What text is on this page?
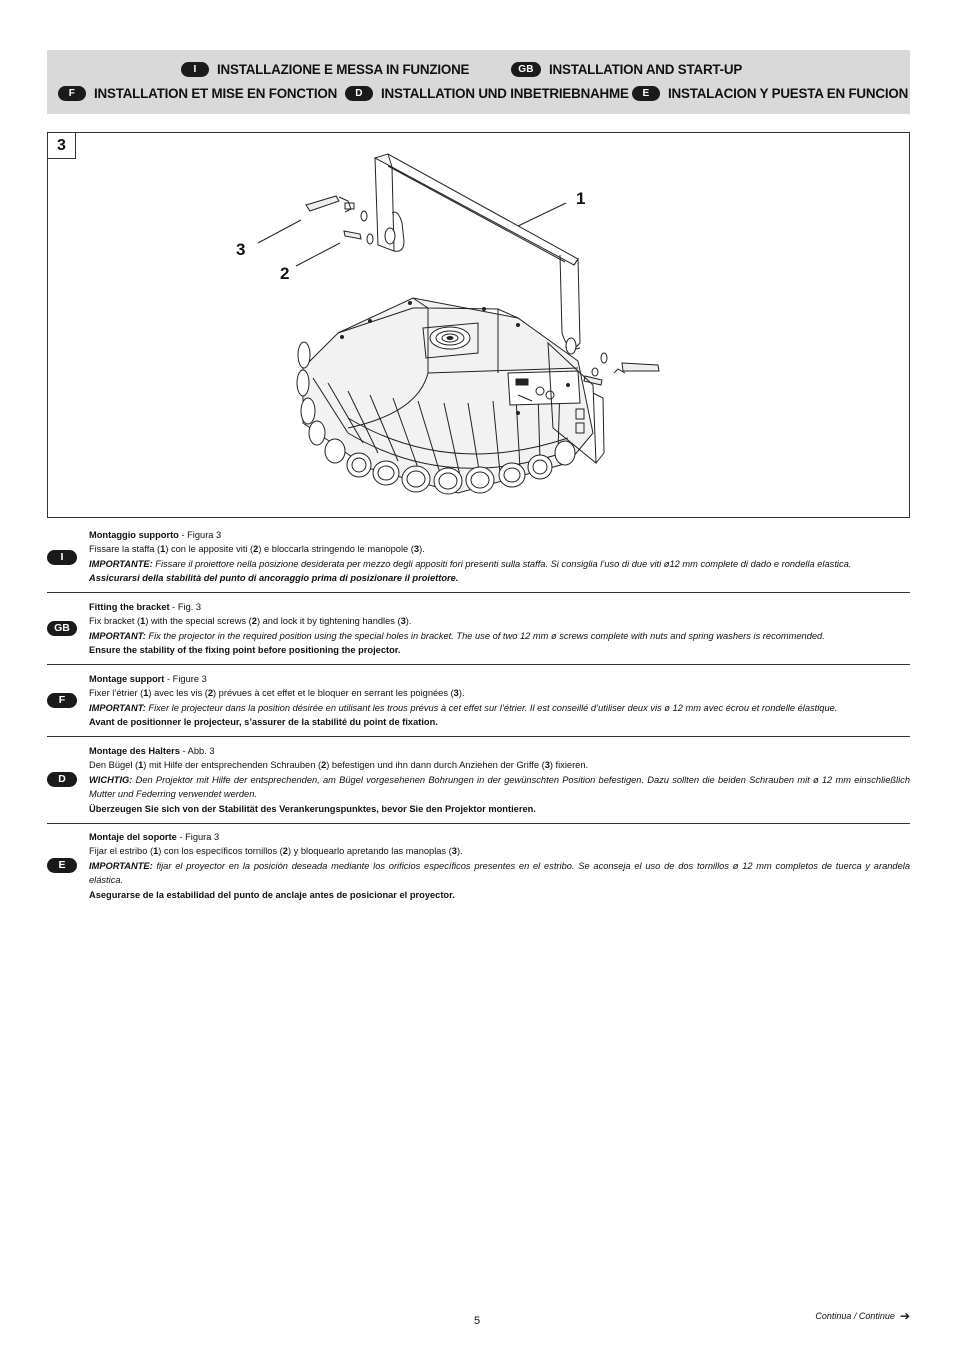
I	INSTALLAZIONE E MESSA IN FUNZIONE	GB	INSTALLATION AND START-UP
F	INSTALLATION ET MISE EN FONCTION	D	INSTALLATION UND INBETRIEBNAHME	E	INSTALACION Y PUESTA EN FUNCION
3
1
3
2
I

Montaggio supporto - Figura 3

Fissare la staffa (1) con le apposite viti (2) e bloccarla stringendo le manopole (3).

IMPORTANTE: Fissare il proiettore nella posizione desiderata per mezzo degli appositi fori presenti sulla staffa. Si consiglia l’uso di due viti ø12 mm complete di dado e rondella elastica.

Assicurarsi della stabilità del punto di ancoraggio prima di posizionare il proiettore.

GB

Fitting the bracket - Fig. 3

Fix bracket (1) with the special screws (2) and lock it by tightening handles (3).

IMPORTANT: Fix the projector in the required position using the special holes in bracket. The use of two 12 mm ø screws complete with nuts and spring washers is recommended.

Ensure the stability of the fixing point before positioning the projector.

F

Montage support - Figure 3

Fixer l’étrier (1) avec les vis (2) prévues à cet effet et le bloquer en serrant les poignées (3).

IMPORTANT: Fixer le projecteur dans la position désirée en utilisant les trous prévus à cet effet sur l’étrier. Il est conseillé d’utiliser deux vis ø 12 mm avec écrou et rondelle élastique.

Avant de positionner le projecteur, s’assurer de la stabilité du point de fixation.

D

Montage des Halters - Abb. 3

Den Bügel (1) mit Hilfe der entsprechenden Schrauben (2) befestigen und ihn dann durch Anziehen der Griffe (3) fixieren.

WICHTIG: Den Projektor mit Hilfe der entsprechenden, am Bügel vorgesehenen Bohrungen in der gewünschten Position befestigen. Dazu sollten die beiden Schrauben mit ø 12 mm einschließlich Mutter und Federring verwendet werden.

Überzeugen Sie sich von der Stabilität des Verankerungspunktes, bevor Sie den Projektor montieren.

E

Montaje del soporte - Figura 3

Fijar el estribo (1) con los específicos tornillos (2) y bloquearlo apretando las manoplas (3).

IMPORTANTE: fijar el proyector en la posición deseada mediante los orificios específicos presentes en el estribo. Se aconseja el uso de dos tornillos ø 12 mm completos de tuerca y arandela elástica.

Asegurarse de la estabilidad del punto de anclaje antes de posicionar el proyector.

5	Continua / Continue ➔
